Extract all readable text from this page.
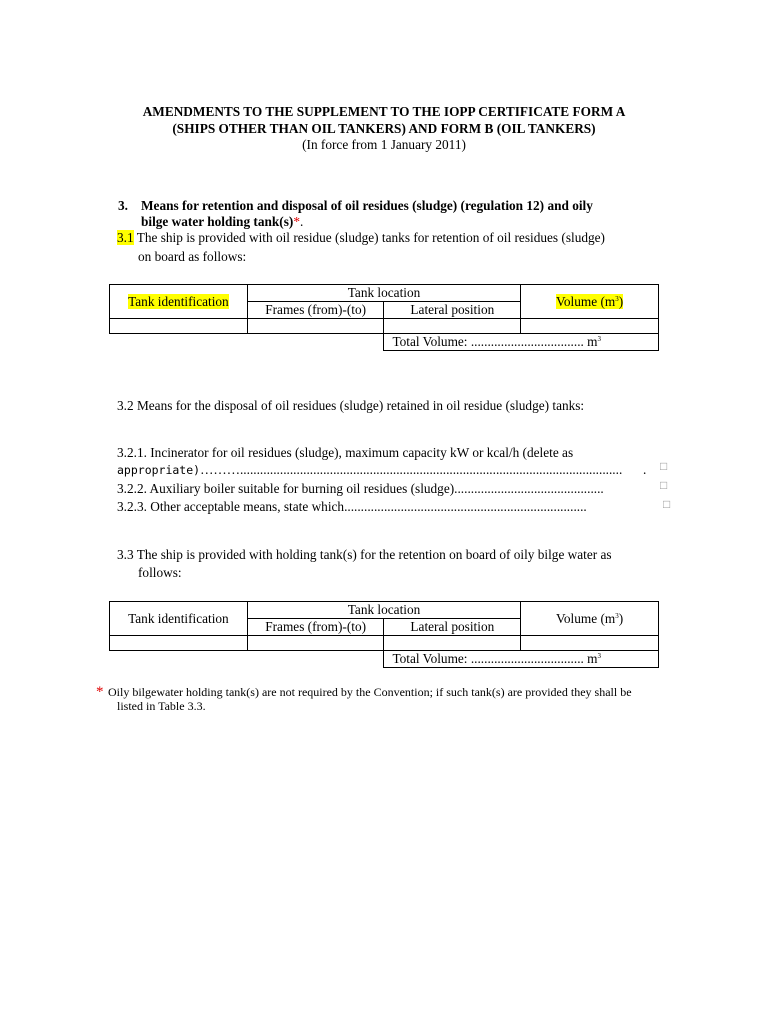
AMENDMENTS TO THE SUPPLEMENT TO THE IOPP CERTIFICATE FORM A
(SHIPS OTHER THAN OIL TANKERS) AND FORM B (OIL TANKERS)
(In force from 1 January 2011)
3. Means for retention and disposal of oil residues (sludge) (regulation 12) and oily
bilge water holding tank(s)*.
3.1 The ship is provided with oil residue (sludge) tanks for retention of oil residues (sludge)
on board as follows:
Tank identification	Tank location		Volume $(m^3)$
	Frames (from)-(to)	Lateral position	

		Total Volume: .................................. $m^3$
3.2 Means for the disposal of oil residues (sludge) retained in oil residue (sludge) tanks:
3.2.1. Incinerator for oil residues (sludge), maximum capacity kW or kcal/h (delete as
appropriate)………...................................................................................................................	. □
3.2.2. Auxiliary boiler suitable for burning oil residues (sludge).............................................	□
3.2.3. Other acceptable means, state which.........................................................................	□
3.3 The ship is provided with holding tank(s) for the retention on board of oily bilge water as
follows:
Tank identification	Tank location		Volume $(m^3)$
	Frames (from)-(to)	Lateral position	

		Total Volume: .................................. $m^3$
* Oily bilgewater holding tank(s) are not required by the Convention; if such tank(s) are provided they shall be
listed in Table 3.3.
